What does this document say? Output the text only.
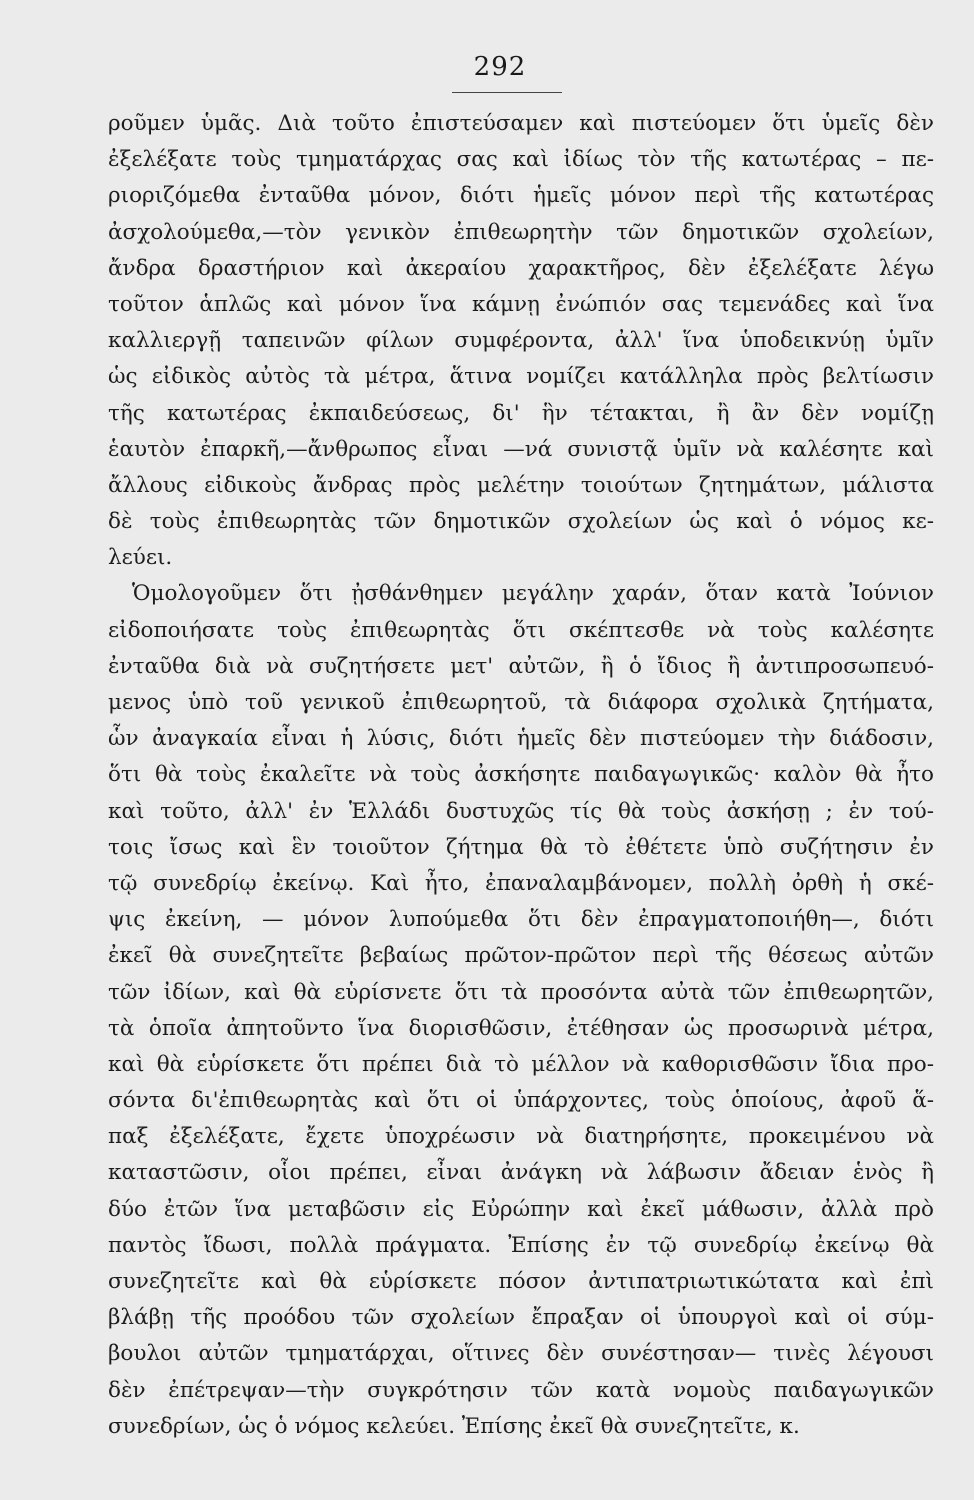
292
ροῦμεν ὑμᾶς. Διὰ τοῦτο ἐπιστεύσαμεν καὶ πιστεύομεν ὅτι ὑμεῖς δὲν
ἐξελέξατε τοὺς τμηματάρχας σας καὶ ἰδίως τὸν τῆς κατωτέρας – πε-
ριοριζόμεθα ἐνταῦθα μόνον, διότι ἡμεῖς μόνον περὶ τῆς κατωτέρας
ἀσχολούμεθα,—τὸν γενικὸν ἐπιθεωρητὴν τῶν δημοτικῶν σχολείων,
ἄνδρα δραστήριον καὶ ἀκεραίου χαρακτῆρος, δὲν ἐξελέξατε λέγω
τοῦτον ἁπλῶς καὶ μόνον ἵνα κάμνῃ ἐνώπιόν σας τεμενάδες καὶ ἵνα
καλλιεργῇ ταπεινῶν φίλων συμφέροντα, ἀλλ' ἵνα ὑποδεικνύῃ ὑμῖν
ὡς εἰδικὸς αὐτὸς τὰ μέτρα, ἅτινα νομίζει κατάλληλα πρὸς βελτίωσιν
τῆς κατωτέρας ἐκπαιδεύσεως, δι' ἣν τέτακται, ἢ ἂν δὲν νομίζῃ
ἑαυτὸν ἐπαρκῆ,—ἄνθρωπος εἶναι —νά συνιστᾷ ὑμῖν νὰ καλέσητε καὶ
ἄλλους εἰδικοὺς ἄνδρας πρὸς μελέτην τοιούτων ζητημάτων, μάλιστα
δὲ τοὺς ἐπιθεωρητὰς τῶν δημοτικῶν σχολείων ὡς καὶ ὁ νόμος κε-
λεύει.
Ὁμολογοῦμεν ὅτι ᾐσθάνθημεν μεγάλην χαράν, ὅταν κατὰ Ἰούνιον
εἰδοποιήσατε τοὺς ἐπιθεωρητὰς ὅτι σκέπτεσθε νὰ τοὺς καλέσητε
ἐνταῦθα διὰ νὰ συζητήσετε μετ' αὐτῶν, ἢ ὁ ἴδιος ἢ ἀντιπροσωπευό-
μενος ὑπὸ τοῦ γενικοῦ ἐπιθεωρητοῦ, τὰ διάφορα σχολικὰ ζητήματα,
ὧν ἀναγκαία εἶναι ἡ λύσις, διότι ἡμεῖς δὲν πιστεύομεν τὴν διάδοσιν,
ὅτι θὰ τοὺς ἐκαλεῖτε νὰ τοὺς ἀσκήσητε παιδαγωγικῶς· καλὸν θὰ ἦτο
καὶ τοῦτο, ἀλλ' ἐν Ἑλλάδι δυστυχῶς τίς θὰ τοὺς ἀσκήσῃ ; ἐν τού-
τοις ἴσως καὶ ἓν τοιοῦτον ζήτημα θὰ τὸ ἐθέτετε ὑπὸ συζήτησιν ἐν
τῷ συνεδρίῳ ἐκείνῳ. Καὶ ἦτο, ἐπαναλαμβάνομεν, πολλὴ ὀρθὴ ἡ σκέ-
ψις ἐκείνη, — μόνον λυπούμεθα ὅτι δὲν ἐπραγματοποιήθη—, διότι
ἐκεῖ θὰ συνεζητεῖτε βεβαίως πρῶτον-πρῶτον περὶ τῆς θέσεως αὐτῶν
τῶν ἰδίων, καὶ θὰ εὑρίσνετε ὅτι τὰ προσόντα αὐτὰ τῶν ἐπιθεωρητῶν,
τὰ ὁποῖα ἀπητοῦντο ἵνα διορισθῶσιν, ἐτέθησαν ὡς προσωρινὰ μέτρα,
καὶ θὰ εὑρίσκετε ὅτι πρέπει διὰ τὸ μέλλον νὰ καθορισθῶσιν ἴδια προ-
σόντα δι'ἐπιθεωρητὰς καὶ ὅτι οἱ ὑπάρχοντες, τοὺς ὁποίους, ἀφοῦ ἅ-
παξ ἐξελέξατε, ἔχετε ὑποχρέωσιν νὰ διατηρήσητε, προκειμένου νὰ
καταστῶσιν, οἷοι πρέπει, εἶναι ἀνάγκη νὰ λάβωσιν ἄδειαν ἑνὸς ἢ
δύο ἐτῶν ἵνα μεταβῶσιν εἰς Εὐρώπην καὶ ἐκεῖ μάθωσιν, ἀλλὰ πρὸ
παντὸς ἴδωσι, πολλὰ πράγματα. Ἐπίσης ἐν τῷ συνεδρίῳ ἐκείνῳ θὰ
συνεζητεῖτε καὶ θὰ εὑρίσκετε πόσον ἀντιπατριωτικώτατα καὶ ἐπὶ
βλάβῃ τῆς προόδου τῶν σχολείων ἔπραξαν οἱ ὑπουργοὶ καὶ οἱ σύμ-
βουλοι αὐτῶν τμηματάρχαι, οἵτινες δὲν συνέστησαν— τινὲς λέγουσι
δὲν ἐπέτρεψαν—τὴν συγκρότησιν τῶν κατὰ νομοὺς παιδαγωγικῶν
συνεδρίων, ὡς ὁ νόμος κελεύει. Ἐπίσης ἐκεῖ θὰ συνεζητεῖτε, κ.
